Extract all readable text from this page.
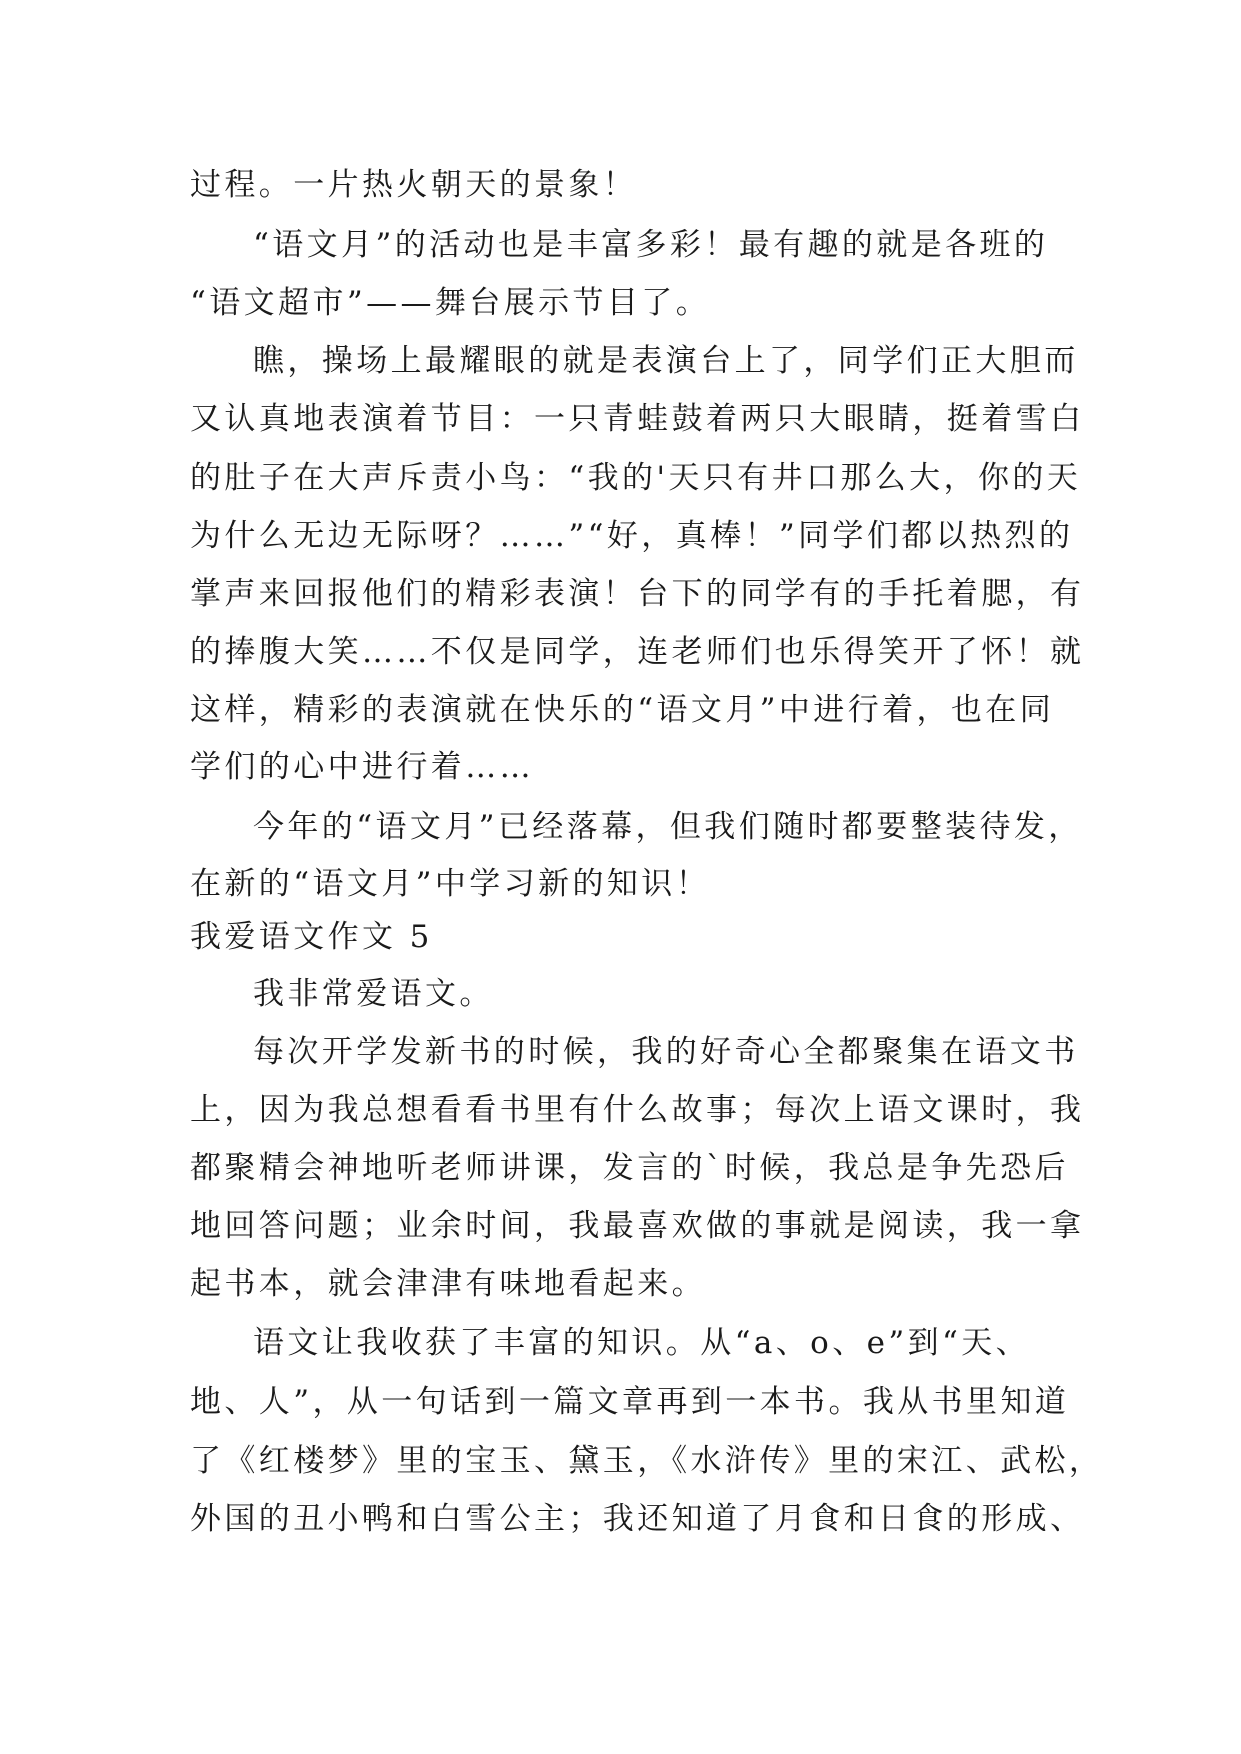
过程。一片热火朝天的景象！
“语文月”的活动也是丰富多彩！最有趣的就是各班的
“语文超市”——舞台展示节目了。
瞧，操场上最耀眼的就是表演台上了，同学们正大胆而
又认真地表演着节目：一只青蛙鼓着两只大眼睛，挺着雪白
的肚子在大声斥责小鸟：“我的'天只有井口那么大，你的天
为什么无边无际呀？……”“好，真棒！”同学们都以热烈的
掌声来回报他们的精彩表演！台下的同学有的手托着腮，有
的捧腹大笑……不仅是同学，连老师们也乐得笑开了怀！就
这样，精彩的表演就在快乐的“语文月”中进行着，也在同
学们的心中进行着……
今年的“语文月”已经落幕，但我们随时都要整装待发，
在新的“语文月”中学习新的知识！
我爱语文作文 5
我非常爱语文。
每次开学发新书的时候，我的好奇心全都聚集在语文书
上，因为我总想看看书里有什么故事；每次上语文课时，我
都聚精会神地听老师讲课，发言的`时候，我总是争先恐后
地回答问题；业余时间，我最喜欢做的事就是阅读，我一拿
起书本，就会津津有味地看起来。
语文让我收获了丰富的知识。从“a、o、e”到“天、
地、人”，从一句话到一篇文章再到一本书。我从书里知道
了《红楼梦》里的宝玉、黛玉，《水浒传》里的宋江、武松，
外国的丑小鸭和白雪公主；我还知道了月食和日食的形成、
